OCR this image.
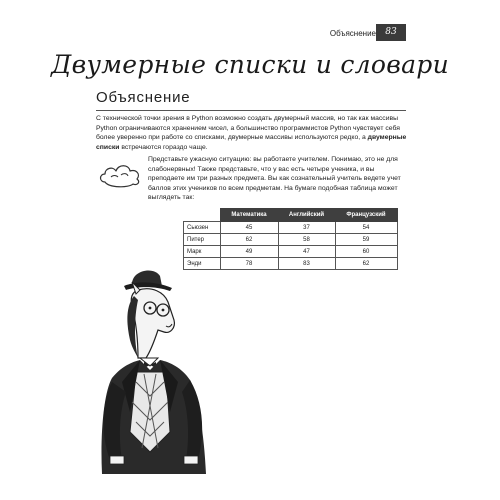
Объяснение	83
Двумерные списки и словари
Объяснение

С технической точки зрения в Python возможно создать двумерный массив, но так как массивы Python ограничиваются хранением чисел, а большинство программистов Python чувствует себя более уверенно при работе со списками, двумерные массивы используются редко, а двумерные списки встречаются гораздо чаще.

Представьте ужасную ситуацию: вы работаете учителем. Понимаю, это не для слабонервных! Также представьте, что у вас есть четыре ученика, и вы преподаете им три разных предмета. Вы как сознательный учитель ведете учет баллов этих учеников по всем предметам. На бумаге подобная таблица может выглядеть так:

	Математика	Английский	Французский
Сьюзен	45	37	54
Питер	62	58	59
Марк	49	47	60
Энди	78	83	62
